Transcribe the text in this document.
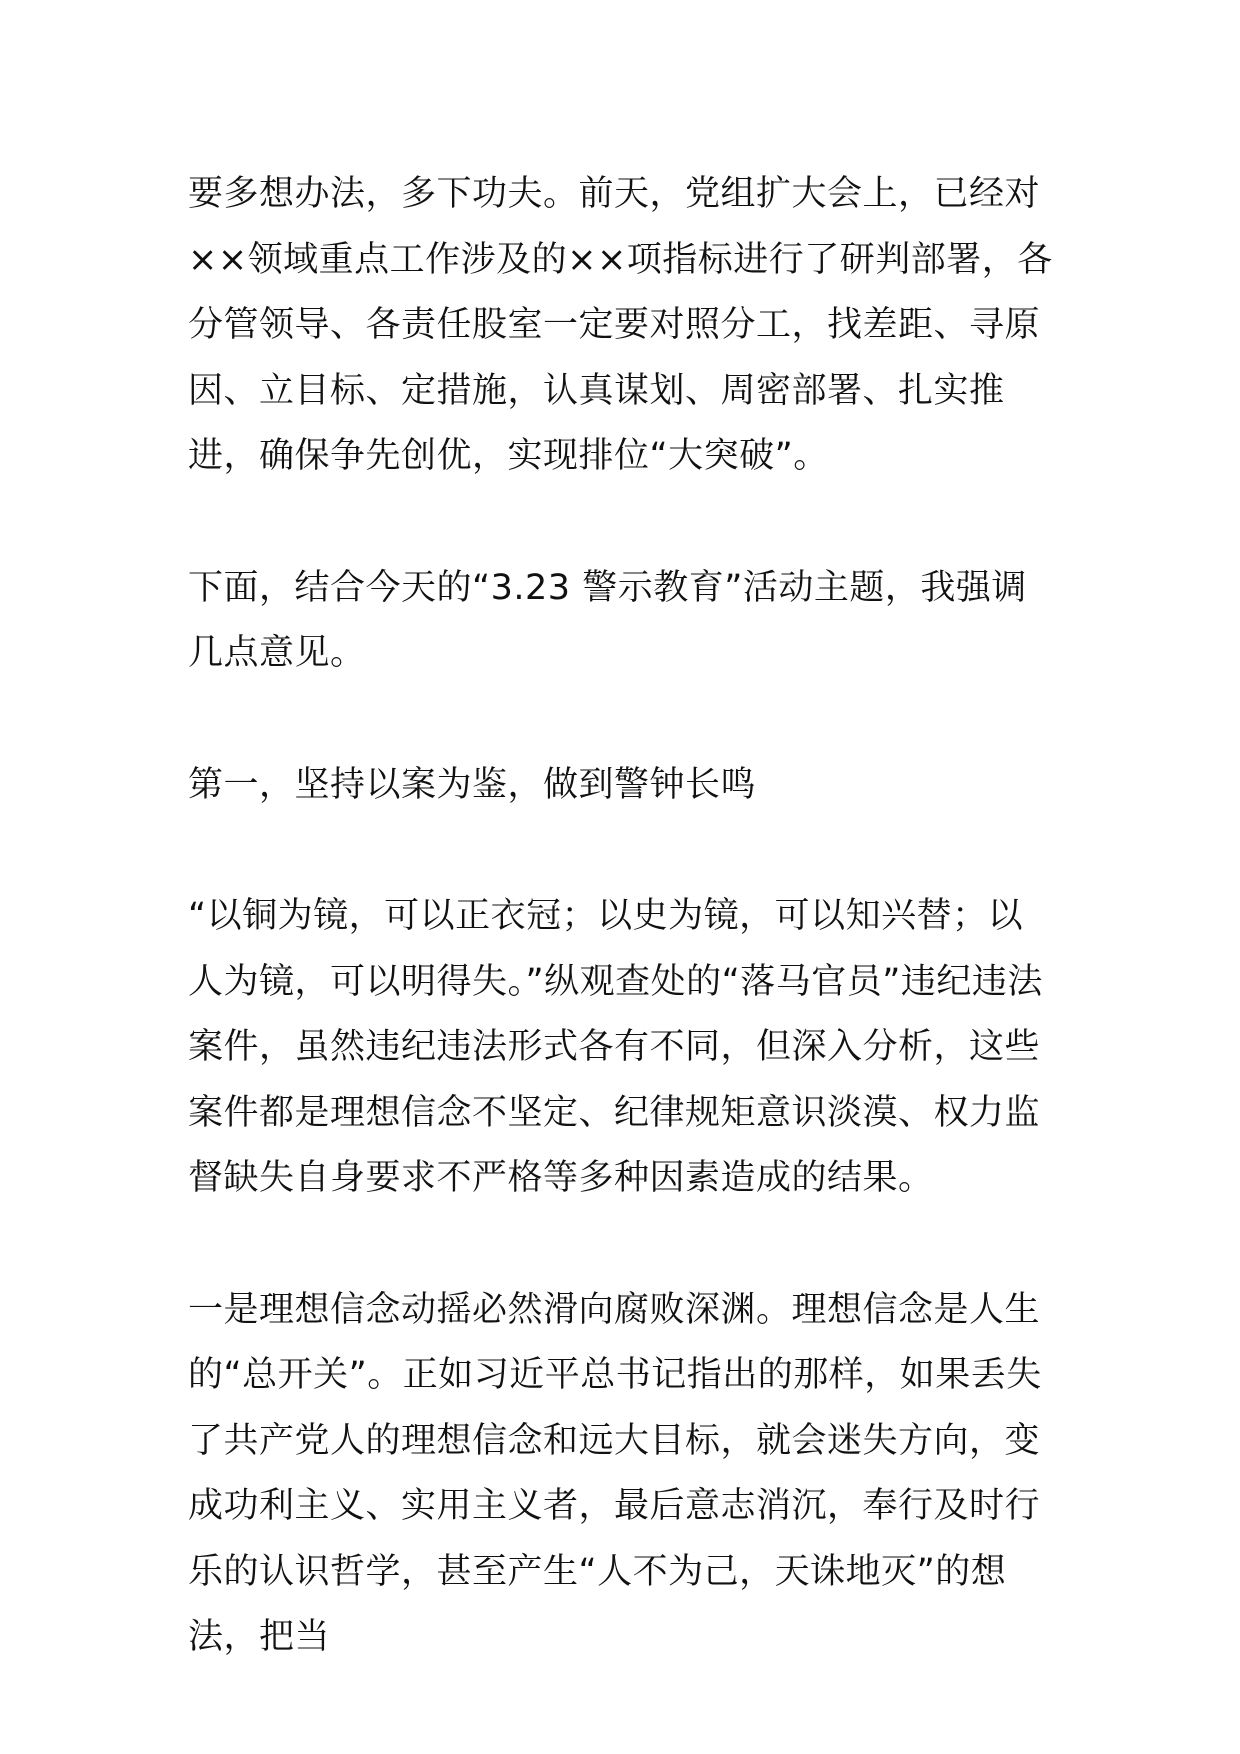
要多想办法，多下功夫。前天，党组扩大会上，已经对××领域重点工作涉及的××项指标进行了研判部署，各分管领导、各责任股室一定要对照分工，找差距、寻原因、立目标、定措施，认真谋划、周密部署、扎实推进，确保争先创优，实现排位“大突破”。

下面，结合今天的“3.23 警示教育”活动主题，我强调几点意见。

第一，坚持以案为鉴，做到警钟长鸣

“以铜为镜，可以正衣冠；以史为镜，可以知兴替；以人为镜，可以明得失。”纵观查处的“落马官员”违纪违法案件，虽然违纪违法形式各有不同，但深入分析，这些案件都是理想信念不坚定、纪律规矩意识淡漠、权力监督缺失自身要求不严格等多种因素造成的结果。

一是理想信念动摇必然滑向腐败深渊。理想信念是人生的“总开关”。正如习近平总书记指出的那样，如果丢失了共产党人的理想信念和远大目标，就会迷失方向，变成功利主义、实用主义者，最后意志消沉，奉行及时行乐的认识哲学，甚至产生“人不为己，天诛地灭”的想法，把当
